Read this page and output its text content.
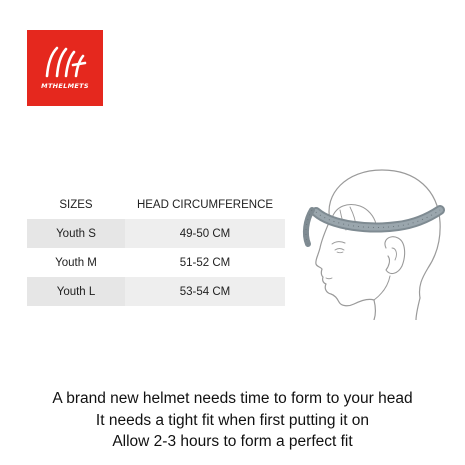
MTHELMETS
SIZES	HEAD CIRCUMFERENCE
Youth S	49-50 CM
Youth M	51-52 CM
Youth L	53-54 CM
A brand new helmet needs time to form to your head
It needs a tight fit when first putting it on
Allow 2-3 hours to form a perfect fit
